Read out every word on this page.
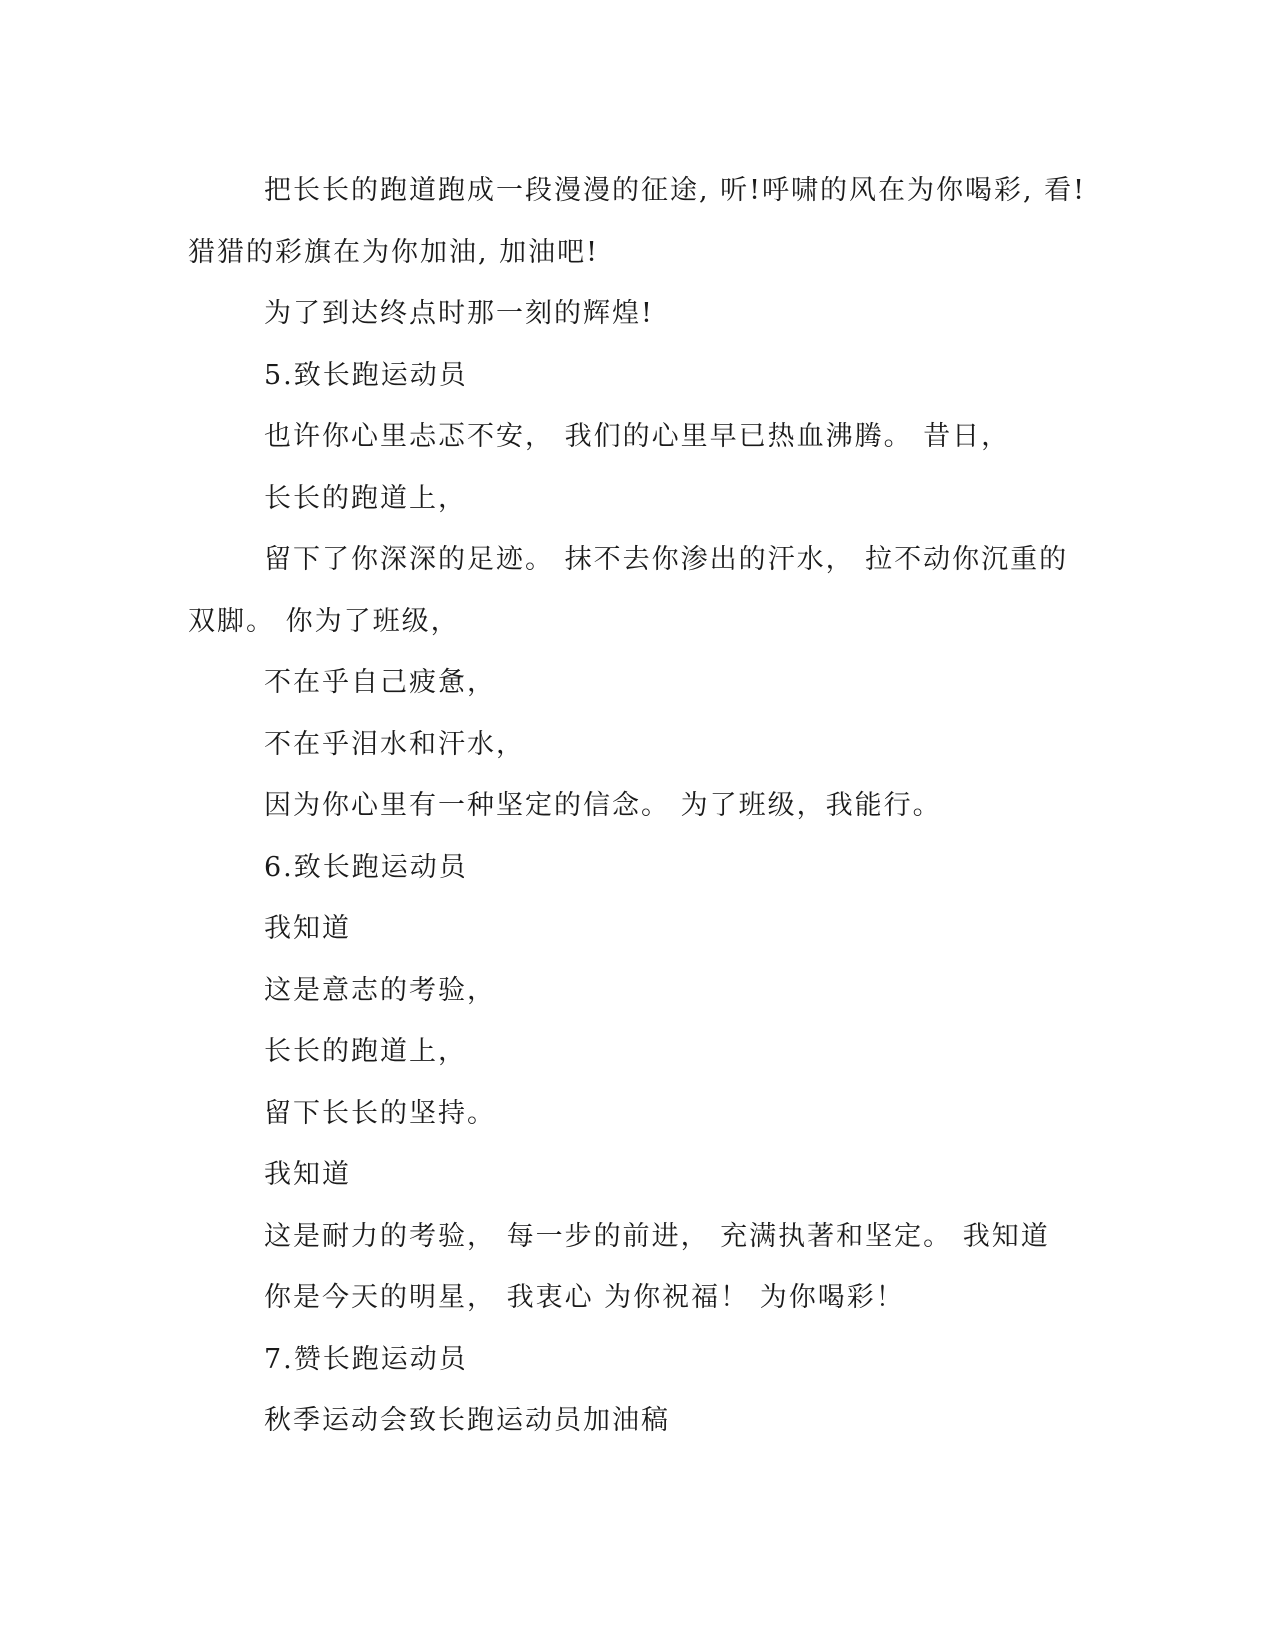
把长长的跑道跑成一段漫漫的征途, 听!呼啸的风在为你喝彩, 看!
猎猎的彩旗在为你加油, 加油吧!
为了到达终点时那一刻的辉煌!
5.致长跑运动员
也许你心里忐忑不安， 我们的心里早已热血沸腾。 昔日，
长长的跑道上，
留下了你深深的足迹。 抹不去你渗出的汗水， 拉不动你沉重的
双脚。 你为了班级，
不在乎自己疲惫，
不在乎泪水和汗水，
因为你心里有一种坚定的信念。 为了班级，我能行。
6.致长跑运动员
我知道
这是意志的考验，
长长的跑道上，
留下长长的坚持。
我知道
这是耐力的考验， 每一步的前进， 充满执著和坚定。 我知道
你是今天的明星， 我衷心 为你祝福！ 为你喝彩！
7.赞长跑运动员
秋季运动会致长跑运动员加油稿
